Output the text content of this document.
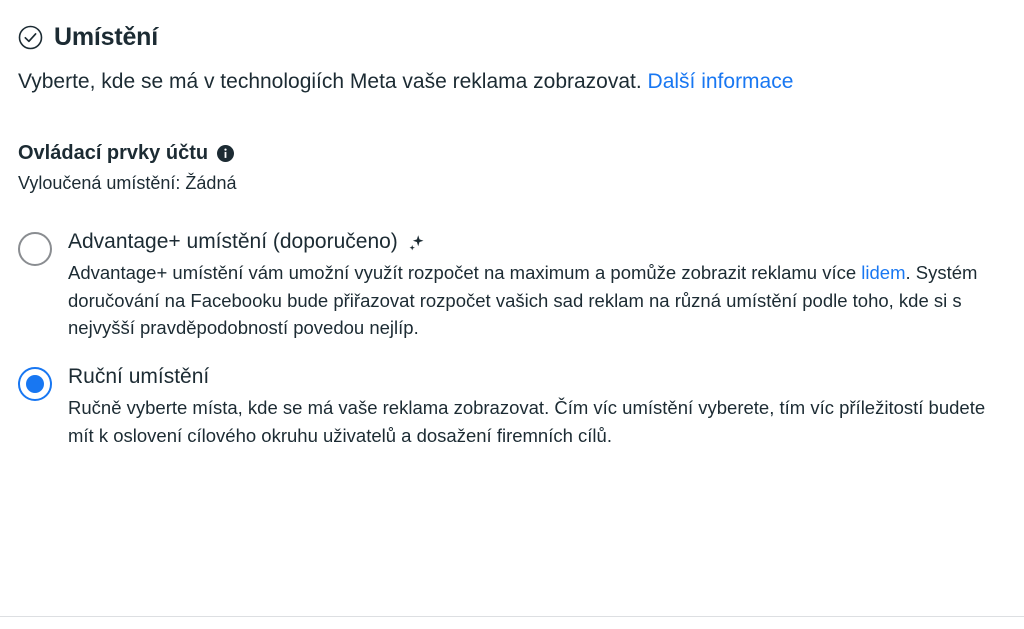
Umístění
Vyberte, kde se má v technologiích Meta vaše reklama zobrazovat. Další informace
Ovládací prvky účtu
Vyloučená umístění: Žádná
Advantage+ umístění (doporučeno)
Advantage+ umístění vám umožní využít rozpočet na maximum a pomůže zobrazit reklamu více lidem. Systém doručování na Facebooku bude přiřazovat rozpočet vašich sad reklam na různá umístění podle toho, kde si s nejvyšší pravděpodobností povedou nejlíp.
Ruční umístění
Ručně vyberte místa, kde se má vaše reklama zobrazovat. Čím víc umístění vyberete, tím víc příležitostí budete mít k oslovení cílového okruhu uživatelů a dosažení firemních cílů.
